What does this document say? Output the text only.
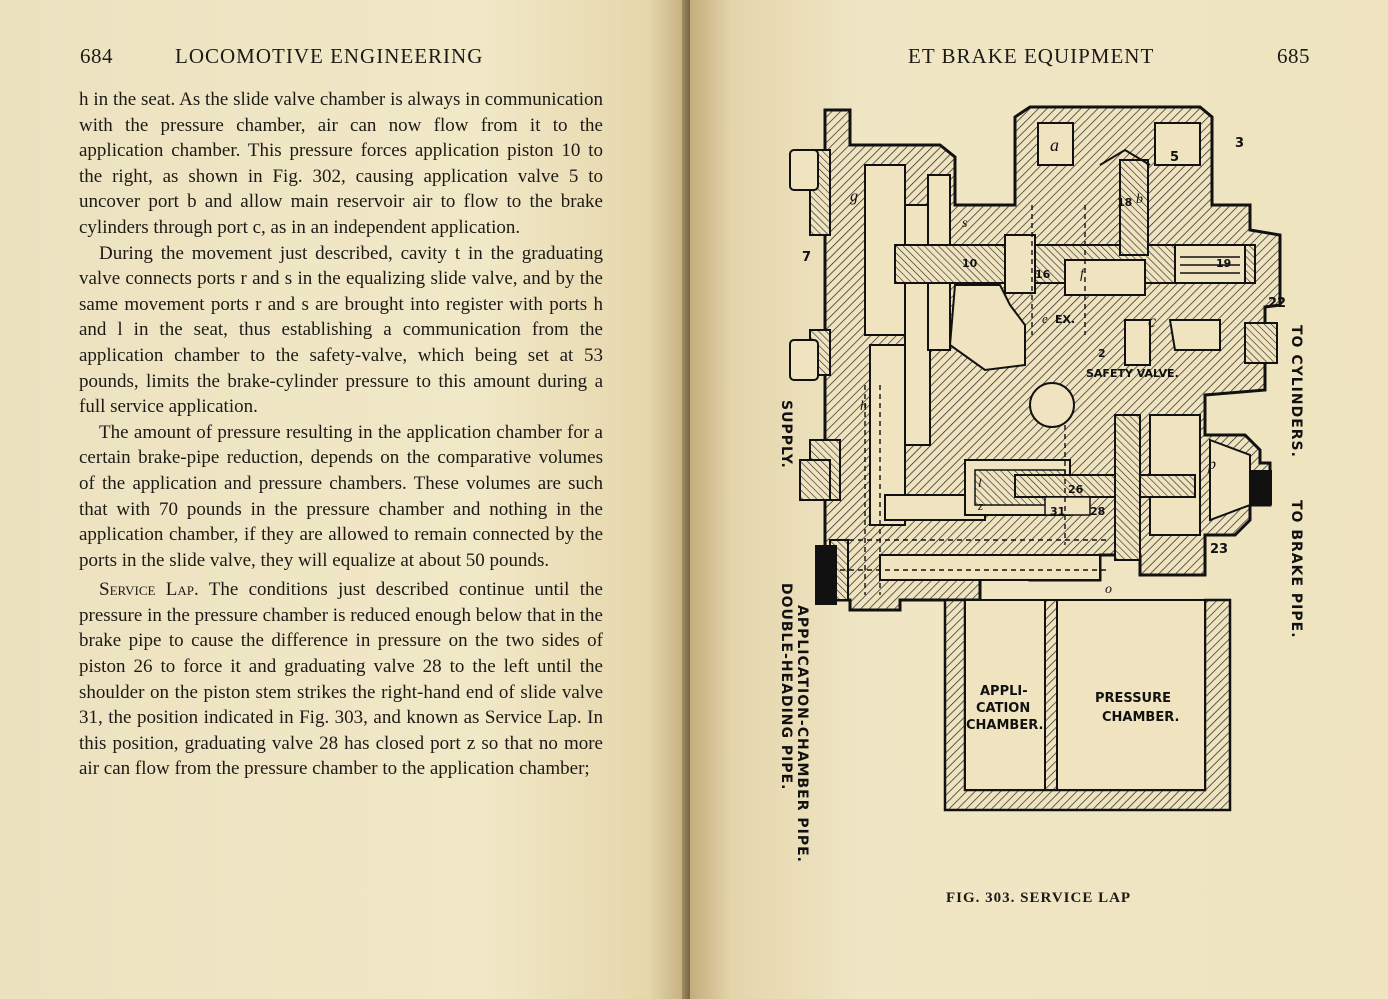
684	LOCOMOTIVE ENGINEERING

h in the seat. As the slide valve chamber is always in communication with the pressure chamber, air can now flow from it to the application chamber. This pressure forces application piston 10 to the right, as shown in Fig. 302, causing application valve 5 to uncover port b and allow main reservoir air to flow to the brake cylinders through port c, as in an independent application.

During the movement just described, cavity t in the graduating valve connects ports r and s in the equalizing slide valve, and by the same movement ports r and s are brought into register with ports h and l in the seat, thus establishing a communication from the application chamber to the safety-valve, which being set at 53 pounds, limits the brake-cylinder pressure to this amount during a full service application.

The amount of pressure resulting in the application chamber for a certain brake-pipe reduction, depends on the comparative volumes of the application and pressure chambers. These volumes are such that with 70 pounds in the pressure chamber and nothing in the application chamber, if they are allowed to remain connected by the ports in the slide valve, they will equalize at about 50 pounds.

Service Lap. The conditions just described continue until the pressure in the pressure chamber is reduced enough below that in the brake pipe to cause the difference in pressure on the two sides of piston 26 to force it and graduating valve 28 to the left until the shoulder on the piston stem strikes the right-hand end of slide valve 31, the position indicated in Fig. 303, and known as Service Lap. In this position, graduating valve 28 has closed port z so that no more air can flow from the pressure chamber to the application chamber;

ET BRAKE EQUIPMENT	685
3
5
7	10
16
18
19
22
23
26
28
31
2
a
b
c
e
f
g
h
l
o
p
s
z
EX.
SAFETY VALVE.
APPLI-
CATION
CHAMBER.
PRESSURE
CHAMBER.
SUPPLY.	TO CYLINDERS.
TO BRAKE PIPE.
APPLICATION-CHAMBER PIPE.
DOUBLE-HEADING PIPE.
FIG. 303. SERVICE LAP
